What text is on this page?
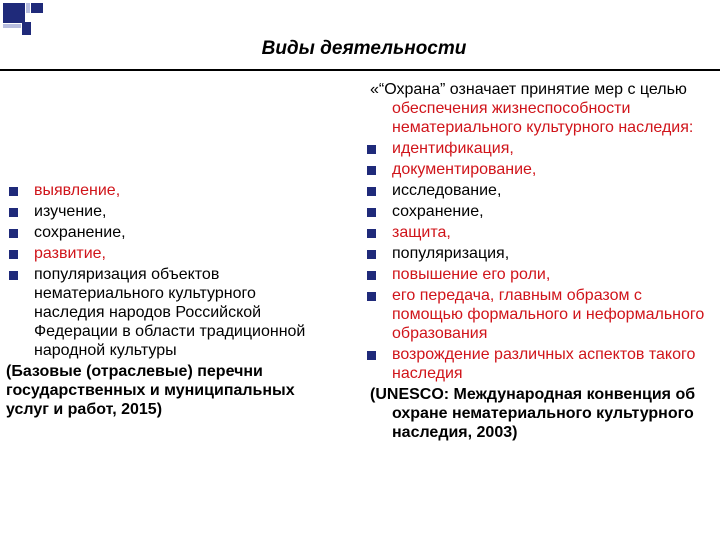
Виды деятельности
выявление,
изучение,
сохранение,
развитие,
популяризация объектов нематериального культурного наследия народов Российской Федерации в области традиционной народной культуры
(Базовые (отраслевые) перечни государственных и муниципальных услуг и работ, 2015)
«“Охрана” означает принятие мер с целью обеспечения жизнеспособности нематериального культурного наследия:
идентификация,
документирование,
исследование,
сохранение,
защита,
популяризация,
повышение его роли,
его передача, главным образом с помощью формального и неформального образования
возрождение различных аспектов такого наследия
(UNESCO: Международная конвенция об охране нематериального культурного наследия, 2003)
